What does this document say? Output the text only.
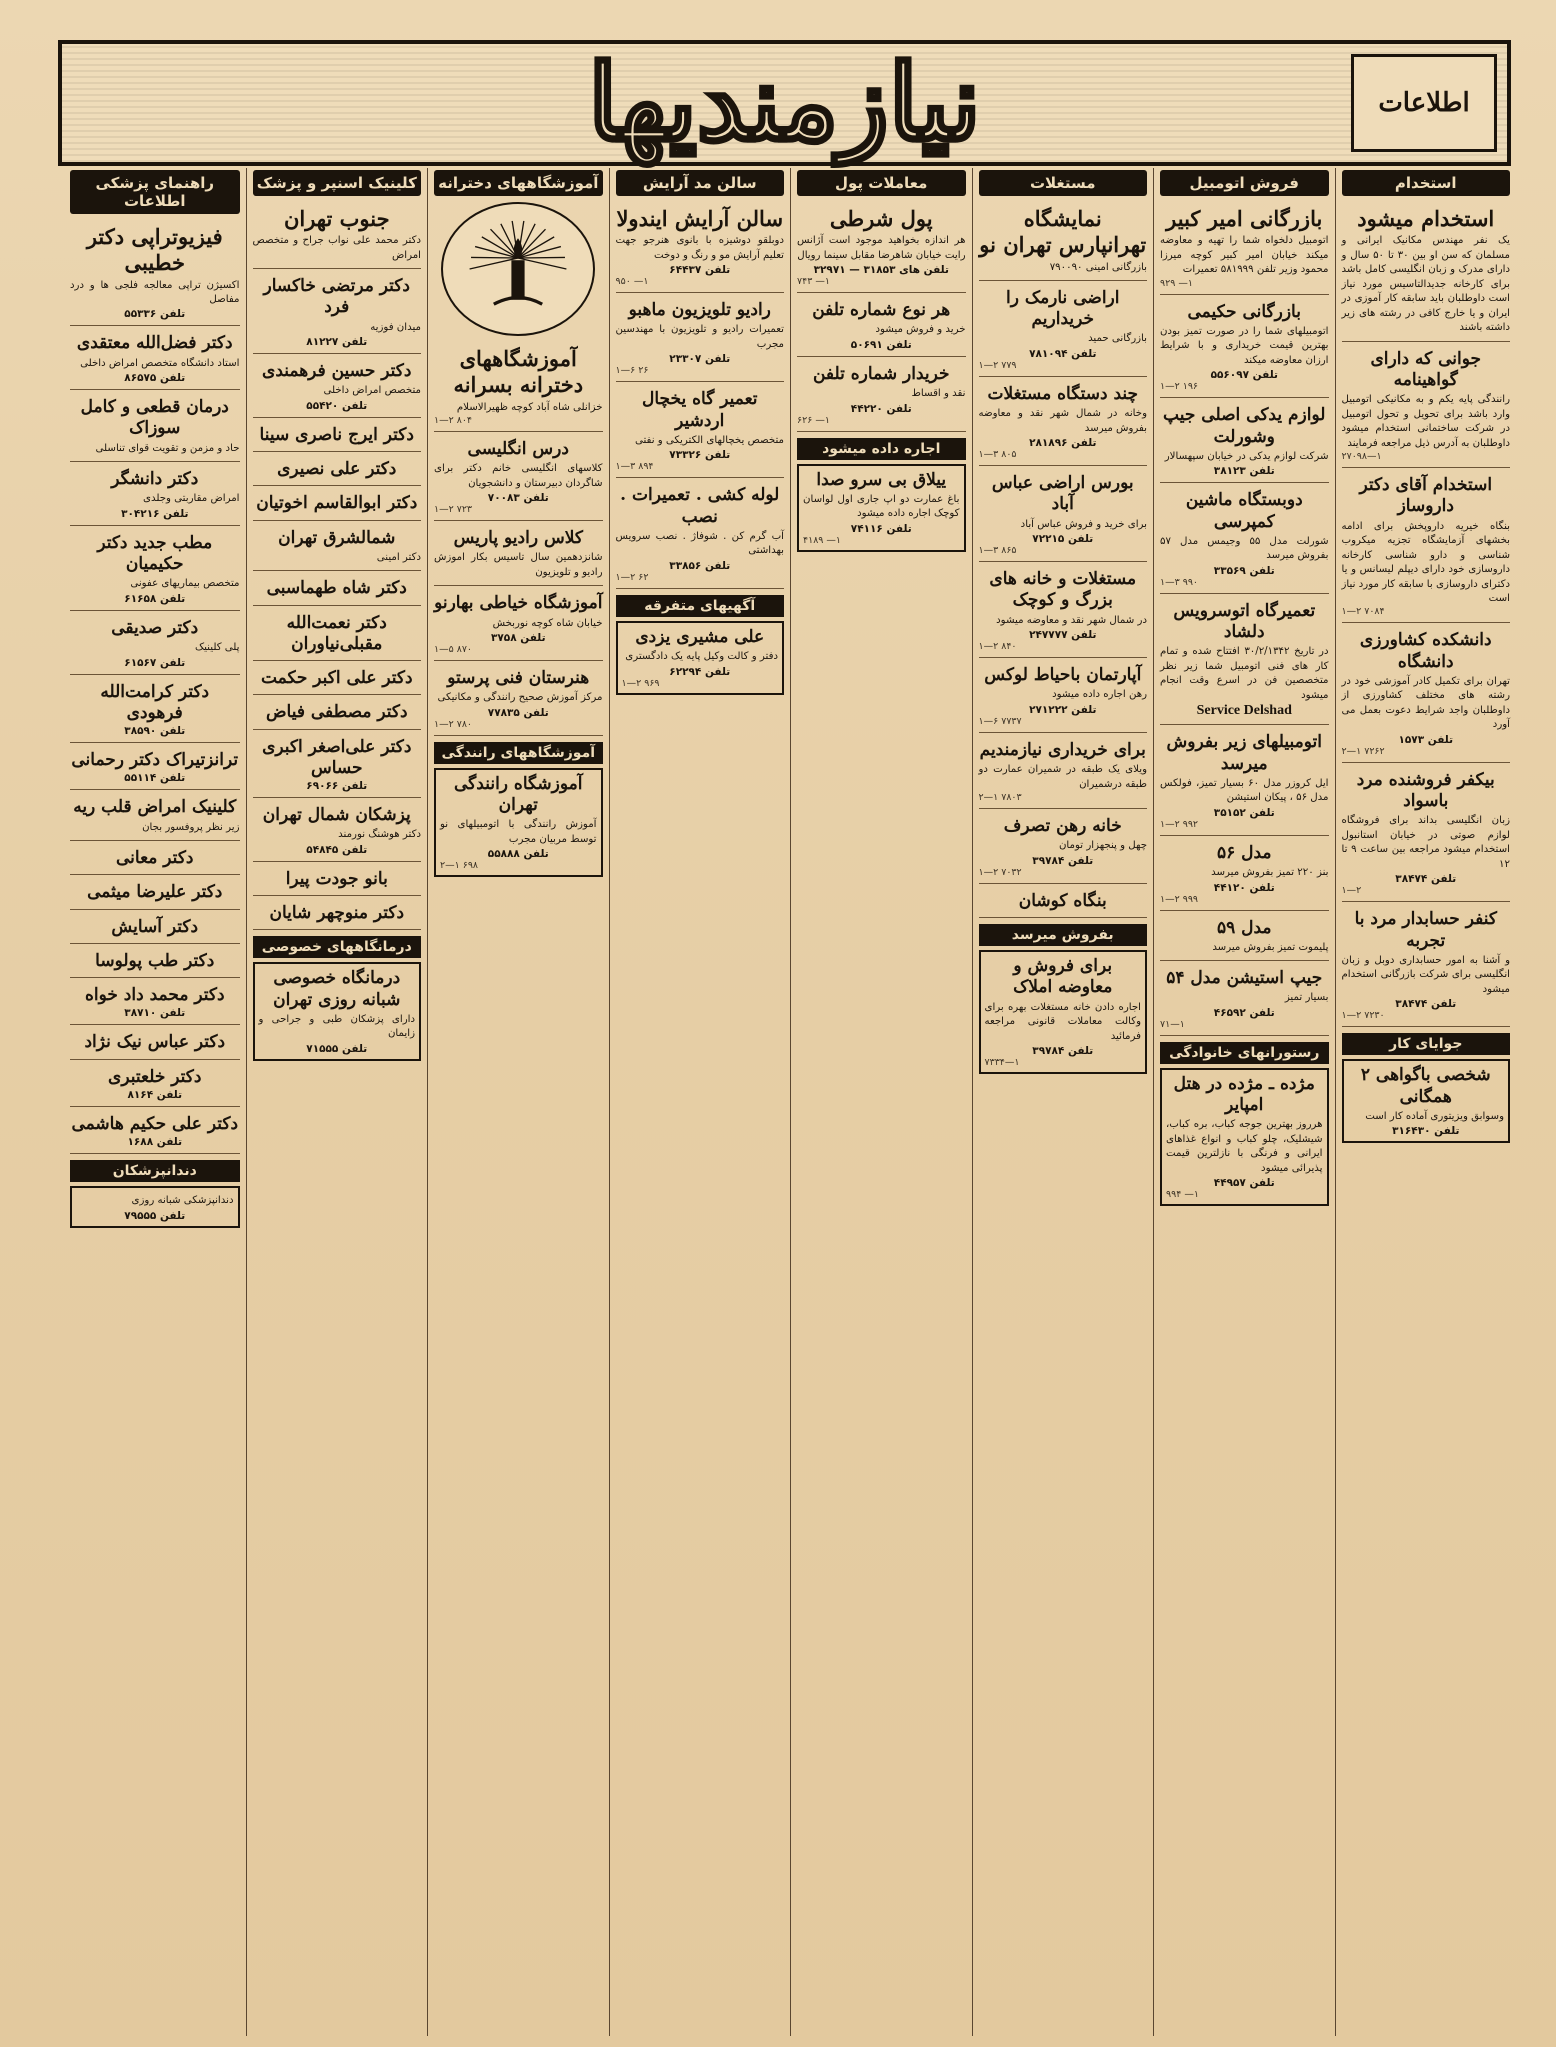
اطلاعات
نیازمندیها
استخدام
استخدام میشود
یک نفر مهندس مکانیک ایرانی و مسلمان که سن او بین ۳۰ تا ۵۰ سال و دارای مدرک و زبان انگلیسی کامل باشد برای کارخانه جدیدالتاسیس مورد نیاز است داوطلبان باید سابقه کار آموزی در ایران و یا خارج کافی در رشته های زیر داشته باشند
جوانی که دارای گواهینامه
رانندگی پایه یکم و به مکانیکی اتومبیل وارد باشد برای تحویل و تحول اتومبیل در شرکت ساختمانی استخدام میشود داوطلبان به آدرس ذیل مراجعه فرمایند
۲۷۰۹۸—۱
استخدام آقای دکتر داروساز
بنگاه خیریه داروپخش برای ادامه بخشهای آزمایشگاه تجزیه میکروب شناسی و دارو شناسی کارخانه داروسازی خود دارای دیپلم لیسانس و یا دکترای داروسازی با سابقه کار مورد نیاز است
۱—۲ ۷۰۸۴
دانشکده کشاورزی دانشگاه
تهران برای تکمیل کادر آموزشی خود در رشته های مختلف کشاورزی از داوطلبان واجد شرایط دعوت بعمل می آورد
تلفن ۱۵۷۳
۲—۱ ۷۲۶۲
بیکفر فروشنده مرد باسواد
زبان انگلیسی بداند برای فروشگاه لوازم صوتی در خیابان استانبول استخدام میشود مراجعه بین ساعت ۹ تا ۱۲
تلفن ۳۸۴۷۴
۱—۲
کنفر حسابدار مرد با تجربه
و آشنا به امور حسابداری دوبل و زبان انگلیسی برای شرکت بازرگانی استخدام میشود
تلفن ۳۸۴۷۴
۱—۲ ۷۲۳۰
جوایای کار
شخصی باگواهی ۲ همگانی
وسوابق ویزیتوری آماده کار است
تلفن ۳۱۶۴۳۰
فروش اتومبیل
بازرگانی امیر کبیر
اتومبیل دلخواه شما را تهیه و معاوضه میکند خیابان امیر کبیر کوچه میرزا محمود وزیر تلفن ۵۸۱۹۹۹ تعمیرات
۹۲۹ —۱
بازرگانی حکیمی
اتومبیلهای شما را در صورت تمیز بودن بهترین قیمت خریداری و با شرایط ارزان معاوضه میکند
تلفن ۵۵۶۰۹۷
۱—۲ ۱۹۶
لوازم یدکی اصلی جیپ وشورلت
شرکت لوازم یدکی در خیابان سپهسالار
تلفن ۳۸۱۲۳
دوبستگاه ماشین کمپرسی
شورلت مدل ۵۵ وجیمس مدل ۵۷ بفروش میرسد
تلفن ۳۳۵۶۹
۱—۳ ۹۹۰
تعمیرگاه اتوسرویس دلشاد
در تاریخ ۳۰/۲/۱۳۴۲ افتتاح شده و تمام کار های فنی اتومبیل شما زیر نظر متخصصین فن در اسرع وقت انجام میشود
Service Delshad
اتومبیلهای زیر بفروش میرسد
ایل کروزر مدل ۶۰ بسیار تمیز، فولکس مدل ۵۶ ، پیکان استیشن
تلفن ۳۵۱۵۲
۱—۲ ۹۹۲
مدل ۵۶
بنز ۲۲۰ تمیز بفروش میرسد
تلفن ۴۴۱۲۰
۱—۲ ۹۹۹
مدل ۵۹
پلیموت تمیز بفروش میرسد
جیپ استیشن مدل ۵۴
بسیار تمیز
تلفن ۴۶۵۹۲
۷۱—۱
رستورانهای خانوادگی
مژده ـ مژده در هتل امپایر
هرروز بهترین جوجه کباب، بره کباب، شیشلیک، چلو کباب و انواع غذاهای ایرانی و فرنگی با نازلترین قیمت پذیرائی میشود
تلفن ۴۴۹۵۷
۹۹۴ —۱
مستغلات
نمایشگاه تهرانپارس تهران نو
بازرگانی امینی ۷۹۰۰۹۰
اراضی نارمک را خریداریم
بازرگانی حمید
تلفن ۷۸۱۰۹۴
۱—۲ ۷۷۹
چند دستگاه مستغلات
وخانه در شمال شهر نقد و معاوضه بفروش میرسد
تلفن ۲۸۱۸۹۶
۱—۳ ۸۰۵
بورس اراضی عباس آباد
برای خرید و فروش عباس آباد
تلفن ۷۲۲۱۵
۱—۳ ۸۶۵
مستغلات و خانه های بزرگ و کوچک
در شمال شهر نقد و معاوضه میشود
تلفن ۲۴۷۷۷۷
۱—۲ ۸۴۰
آپارتمان باحیاط لوکس
رهن اجاره داده میشود
تلفن ۲۷۱۲۲۲
۱—۶ ۷۷۳۷
برای خریداری نیازمندیم
ویلای یک طبقه در شمیران عمارت دو طبقه درشمیران
۲—۱ ۷۸۰۳
خانه رهن تصرف
چهل و پنجهزار تومان
تلفن ۳۹۷۸۴
۱—۲ ۷۰۳۲
بنگاه کوشان
بفروش میرسد
برای فروش و معاوضه املاک
اجاره دادن خانه مستغلات بهره برای وکالت معاملات قانونی مراجعه فرمائید
تلفن ۳۹۷۸۴
۷۳۳۴—۱
معاملات پول
پول شرطی
هر اندازه بخواهید موجود است آژانس رایت خیابان شاهرضا مقابل سینما رویال
تلفن های ۳۱۸۵۳ — ۳۲۹۷۱
۷۴۳ —۱
هر نوع شماره تلفن
خرید و فروش میشود
تلفن ۵۰۶۹۱
خریدار شماره تلفن
نقد و اقساط
تلفن ۴۴۲۲۰
۶۲۶ —۱
اجاره داده میشود
ییلاق بی سرو صدا
باغ عمارت دو اپ جاری اول لواسان کوچک اجاره داده میشود
تلفن ۷۴۱۱۶
۴۱۸۹ —۱
سالن مد آرایش
سالن آرایش ایندولا
دوبلقو دوشیزه با بانوی هنرجو جهت تعلیم آرایش مو و رنگ و دوخت
تلفن ۶۴۴۳۷
۹۵۰ —۱
رادیو تلویزیون ماهبو
تعمیرات رادیو و تلویزیون با مهندسین مجرب
تلفن ۲۳۳۰۷
۱—۶ ۲۶
تعمیر گاه یخچال اردشیر
متخصص یخچالهای الکتریکی و نفتی
تلفن ۷۳۳۲۶
۱—۳ ۸۹۴
لوله کشی . تعمیرات . نصب
آب گرم کن . شوفاژ . نصب سرویس بهداشتی
تلفن ۳۳۸۵۶
۱—۲ ۶۲
آگهیهای متفرقه
علی مشیری یزدی
دفتر و کالت وکیل پایه یک دادگستری
تلفن ۶۲۲۹۴
۱—۲ ۹۶۹
آموزشگاههای دخترانه
آموزشگاههای دخترانه بسرانه
خزانلی شاه آباد کوچه ظهیرالاسلام
۱—۲ ۸۰۴
درس انگلیسی
کلاسهای انگلیسی خانم دکتر برای شاگردان دبیرستان و دانشجویان
تلفن ۷۰۰۸۳
۱—۲ ۷۲۳
کلاس رادیو پاریس
شانزدهمین سال تاسیس بکار اموزش رادیو و تلویزیون
آموزشگاه خیاطی بهارنو
خیابان شاه کوچه نوربخش
تلفن ۳۷۵۸
۱—۵ ۸۷۰
هنرستان فنی پرستو
مرکز آموزش صحیح رانندگی و مکانیکی
تلفن ۷۷۸۳۵
۱—۲ ۷۸۰
آموزشگاههای رانندگی
آموزشگاه رانندگی تهران
آموزش رانندگی با اتومبیلهای نو توسط مربیان مجرب
تلفن ۵۵۸۸۸
۲—۱ ۶۹۸
کلینیک اسنپر و پزشک
جنوب تهران
دکتر محمد علی نواب جراح و متخصص امراض
دکتر مرتضی خاکسار فرد
میدان فوزیه
تلفن ۸۱۲۲۷
دکتر حسین فرهمندی
متخصص امراض داخلی
تلفن ۵۵۴۲۰
دکتر ایرج ناصری سینا
دکتر علی نصیری
دکتر ابوالقاسم اخوتیان
شمالشرق تهران
دکتر امینی
دکتر شاه طهماسبی
دکتر نعمت‌الله مقبلی‌نیاوران
دکتر علی اکبر حکمت
دکتر مصطفی فیاض
دکتر علی‌اصغر اکبری حساس
تلفن ۶۹۰۶۶
پزشکان شمال تهران
دکتر هوشنگ نورمند
تلفن ۵۴۸۴۵
بانو جودت پیرا
دکتر منوچهر شایان
درمانگاههای خصوصی
درمانگاه خصوصی شبانه روزی تهران
دارای پزشکان طبی و جراحی و زایمان
تلفن ۷۱۵۵۵
راهنمای پزشکی اطلاعات
فیزیوتراپی دکتر خطیبی
اکسیژن تراپی معالجه فلجی ها و درد مفاصل
تلفن ۵۵۳۳۶
دکتر فضل‌الله معتقدی
استاد دانشگاه متخصص امراض داخلی
تلفن ۸۶۵۷۵
درمان قطعی و کامل سوزاک
حاد و مزمن و تقویت قوای تناسلی
دکتر دانشگر
امراض مقاربتی وجلدی
تلفن ۳۰۴۲۱۶
مطب جدید دکتر حکیمیان
متخصص بیماریهای عفونی
تلفن ۶۱۶۵۸
دکتر صدیقی
پلی کلینیک
تلفن ۶۱۵۶۷
دکتر کرامت‌الله فرهودی
تلفن ۳۸۵۹۰
ترانزتیراک دکتر رحمانی
تلفن ۵۵۱۱۴
کلینیک امراض قلب ریه
زیر نظر پروفسور بجان
دکتر معانی
دکتر علیرضا میثمی
دکتر آسایش
دکتر طب پولوسا
دکتر محمد داد خواه
تلفن ۳۸۷۱۰
دکتر عباس نیک نژاد
دکتر خلعتبری
تلفن ۸۱۶۴
دکتر علی حکیم هاشمی
تلفن ۱۶۸۸
دندانپزشکان
دندانپزشکی شبانه روزی
تلفن ۷۹۵۵۵
